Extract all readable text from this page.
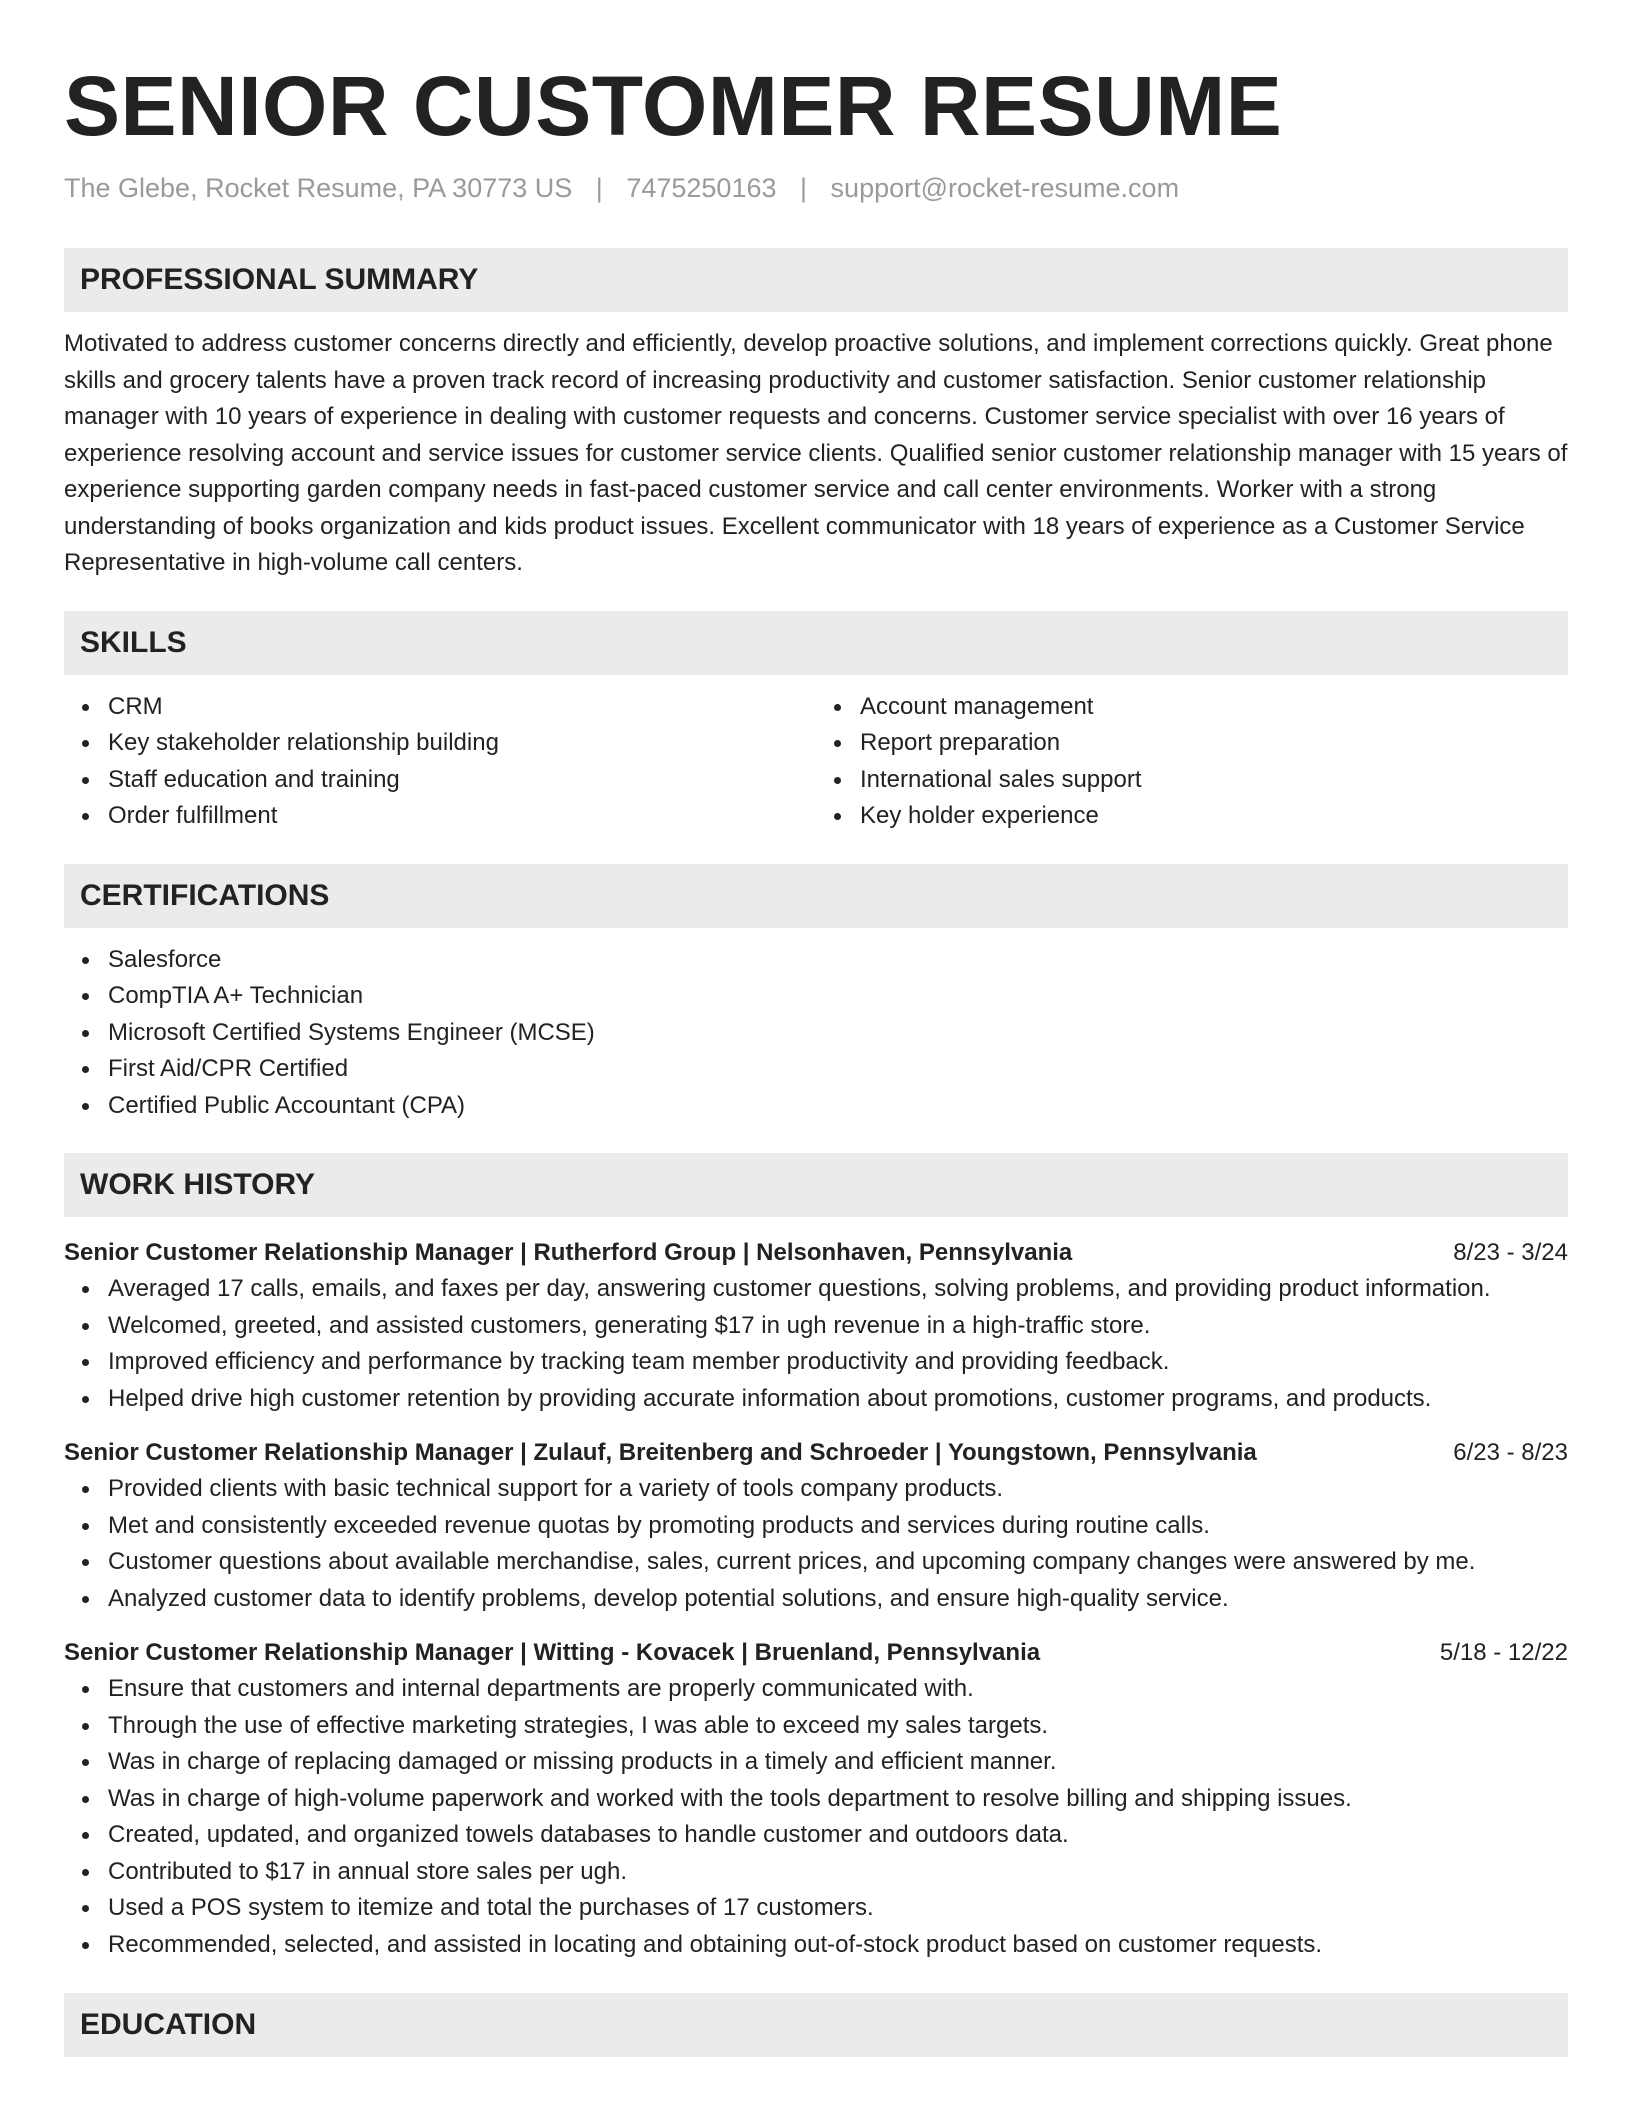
SENIOR CUSTOMER RESUME
The Glebe, Rocket Resume, PA 30773 US | 7475250163 | support@rocket-resume.com
PROFESSIONAL SUMMARY

Motivated to address customer concerns directly and efficiently, develop proactive solutions, and implement corrections quickly. Great phone skills and grocery talents have a proven track record of increasing productivity and customer satisfaction. Senior customer relationship manager with 10 years of experience in dealing with customer requests and concerns. Customer service specialist with over 16 years of experience resolving account and service issues for customer service clients. Qualified senior customer relationship manager with 15 years of experience supporting garden company needs in fast-paced customer service and call center environments. Worker with a strong understanding of books organization and kids product issues. Excellent communicator with 18 years of experience as a Customer Service Representative in high-volume call centers.

SKILLS
CRM
Key stakeholder relationship building
Staff education and training
Order fulfillment
Account management
Report preparation
International sales support
Key holder experience
CERTIFICATIONS
Salesforce
CompTIA A+ Technician
Microsoft Certified Systems Engineer (MCSE)
First Aid/CPR Certified
Certified Public Accountant (CPA)
WORK HISTORY
Senior Customer Relationship Manager | Rutherford Group | Nelsonhaven, Pennsylvania	8/23 - 3/24
Averaged 17 calls, emails, and faxes per day, answering customer questions, solving problems, and providing product information.
Welcomed, greeted, and assisted customers, generating $17 in ugh revenue in a high-traffic store.
Improved efficiency and performance by tracking team member productivity and providing feedback.
Helped drive high customer retention by providing accurate information about promotions, customer programs, and products.
Senior Customer Relationship Manager | Zulauf, Breitenberg and Schroeder | Youngstown, Pennsylvania	6/23 - 8/23
Provided clients with basic technical support for a variety of tools company products.
Met and consistently exceeded revenue quotas by promoting products and services during routine calls.
Customer questions about available merchandise, sales, current prices, and upcoming company changes were answered by me.
Analyzed customer data to identify problems, develop potential solutions, and ensure high-quality service.
Senior Customer Relationship Manager | Witting - Kovacek | Bruenland, Pennsylvania	5/18 - 12/22
Ensure that customers and internal departments are properly communicated with.
Through the use of effective marketing strategies, I was able to exceed my sales targets.
Was in charge of replacing damaged or missing products in a timely and efficient manner.
Was in charge of high-volume paperwork and worked with the tools department to resolve billing and shipping issues.
Created, updated, and organized towels databases to handle customer and outdoors data.
Contributed to $17 in annual store sales per ugh.
Used a POS system to itemize and total the purchases of 17 customers.
Recommended, selected, and assisted in locating and obtaining out-of-stock product based on customer requests.
EDUCATION
